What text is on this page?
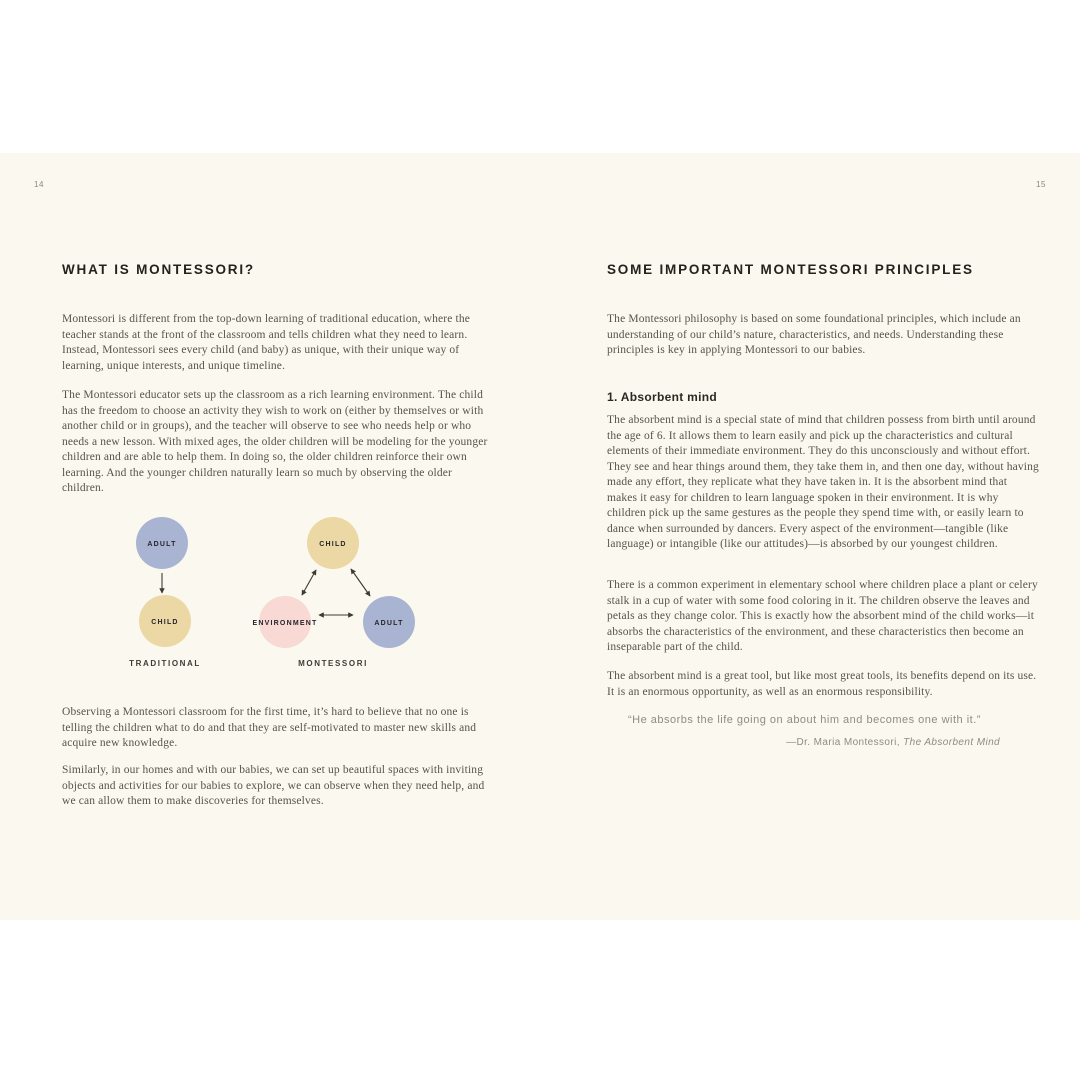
14	15
WHAT IS MONTESSORI?

Montessori is different from the top-down learning of traditional education, where the teacher stands at the front of the classroom and tells children what they need to learn. Instead, Montessori sees every child (and baby) as unique, with their unique way of learning, unique interests, and unique timeline.

The Montessori educator sets up the classroom as a rich learning environment. The child has the freedom to choose an activity they wish to work on (either by themselves or with another child or in groups), and the teacher will observe to see who needs help or who needs a new lesson. With mixed ages, the older children will be modeling for the younger children and are able to help them. In doing so, the older children reinforce their own learning. And the younger children naturally learn so much by observing the older children.

ADULT
CHILD
TRADITIONAL
CHILD
ENVIRONMENT	ADULT
MONTESSORI

Observing a Montessori classroom for the first time, it’s hard to believe that no one is telling the children what to do and that they are self-motivated to master new skills and acquire new knowledge.

Similarly, in our homes and with our babies, we can set up beautiful spaces with inviting objects and activities for our babies to explore, we can observe when they need help, and we can allow them to make discoveries for themselves.

SOME IMPORTANT MONTESSORI PRINCIPLES

The Montessori philosophy is based on some foundational principles, which include an understanding of our child’s nature, characteristics, and needs. Understanding these principles is key in applying Montessori to our babies.

1. Absorbent mind

The absorbent mind is a special state of mind that children possess from birth until around the age of 6. It allows them to learn easily and pick up the characteristics and cultural elements of their immediate environment. They do this unconsciously and without effort. They see and hear things around them, they take them in, and then one day, without having made any effort, they replicate what they have taken in. It is the absorbent mind that makes it easy for children to learn language spoken in their environment. It is why children pick up the same gestures as the people they spend time with, or easily learn to dance when surrounded by dancers. Every aspect of the environment—tangible (like language) or intangible (like our attitudes)—is absorbed by our youngest children.

There is a common experiment in elementary school where children place a plant or celery stalk in a cup of water with some food coloring in it. The children observe the leaves and petals as they change color. This is exactly how the absorbent mind of the child works—it absorbs the characteristics of the environment, and these characteristics then become an inseparable part of the child.

The absorbent mind is a great tool, but like most great tools, its benefits depend on its use. It is an enormous opportunity, as well as an enormous responsibility.

“He absorbs the life going on about him and becomes one with it.”

—Dr. Maria Montessori, The Absorbent Mind
